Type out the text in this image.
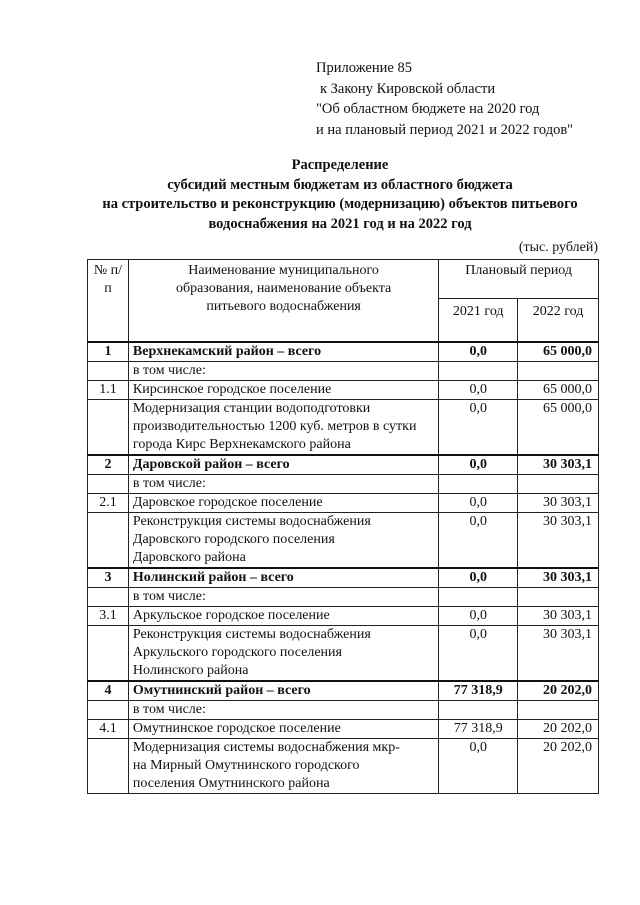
Приложение 85
к Закону Кировской области
"Об областном бюджете на 2020 год
и на плановый период 2021 и 2022 годов"
Распределение
субсидий местным бюджетам из областного бюджета
на строительство и реконструкцию (модернизацию) объектов питьевого
водоснабжения на 2021 год и на 2022 год
(тыс. рублей)
№ п/п	Наименование муниципального образования, наименование объекта питьевого водоснабжения	Плановый период	
		2021 год	2022 год
1	Верхнекамский район – всего	0,0	65 000,0
	в том числе:		
1.1	Кирсинское городское поселение	0,0	65 000,0
	Модернизация станции водоподготовки производительностью 1200 куб. метров в сутки города Кирс Верхнекамского района	0,0	65 000,0
2	Даровской район – всего	0,0	30 303,1
	в том числе:		
2.1	Даровское городское поселение	0,0	30 303,1
	Реконструкция системы водоснабжения Даровского городского поселения Даровского района	0,0	30 303,1
3	Нолинский район – всего	0,0	30 303,1
	в том числе:		
3.1	Аркульское городское поселение	0,0	30 303,1
	Реконструкция системы водоснабжения Аркульского городского поселения Нолинского района	0,0	30 303,1
4	Омутнинский район – всего	77 318,9	20 202,0
	в том числе:		
4.1	Омутнинское городское поселение	77 318,9	20 202,0
	Модернизация системы водоснабжения мкр-на Мирный Омутнинского городского поселения Омутнинского района	0,0	20 202,0
